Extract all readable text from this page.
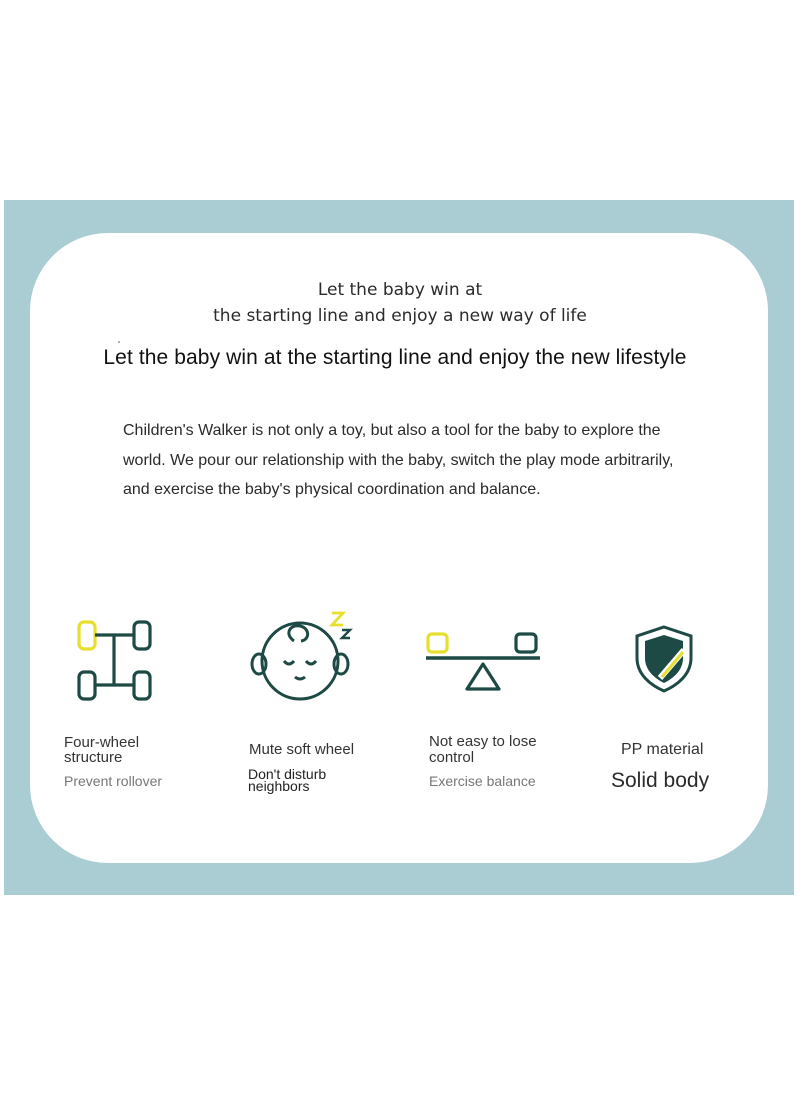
Let the baby win at
the starting line and enjoy a new way of life
Let the baby win at the starting line and enjoy the new lifestyle
Children's Walker is not only a toy, but also a tool for the baby to explore the
world. We pour our relationship with the baby, switch the play mode arbitrarily,
and exercise the baby's physical coordination and balance.
Four-wheel
structure
Prevent rollover
Mute soft wheel
Don't disturb
neighbors
Not easy to lose
control
Exercise balance
PP material
Solid body
